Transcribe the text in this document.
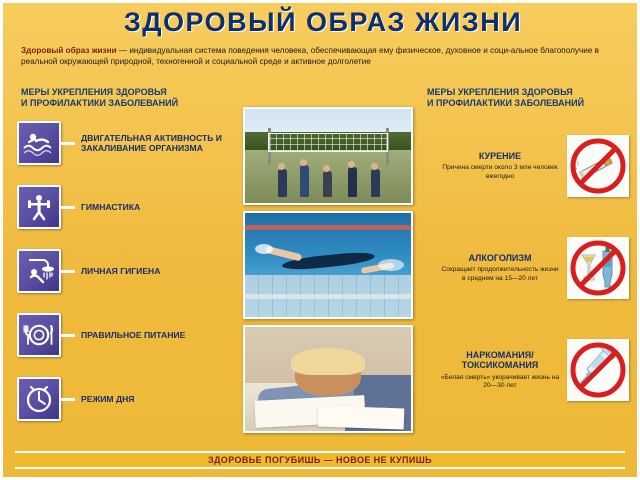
ЗДОРОВЫЙ ОБРАЗ ЖИЗНИ
Здоровый образ жизни — индивидуальная система поведения человека, обеспечивающая ему физическое, духовное и соци-альное благополучие в реальной окружающей природной, техногенной и социальной среде и активное долголетие
МЕРЫ УКРЕПЛЕНИЯ ЗДОРОВЬЯ
И ПРОФИЛАКТИКИ ЗАБОЛЕВАНИЙ
МЕРЫ УКРЕПЛЕНИЯ ЗДОРОВЬЯ
И ПРОФИЛАКТИКИ ЗАБОЛЕВАНИЙ
ДВИГАТЕЛЬНАЯ АКТИВНОСТЬ И ЗАКАЛИВАНИЕ ОРГАНИЗМА
ГИМНАСТИКА
ЛИЧНАЯ ГИГИЕНА
ПРАВИЛЬНОЕ ПИТАНИЕ
РЕЖИМ ДНЯ
КУРЕНИЕ
Причина смерти около 3 млн человек ежегодно
АЛКОГОЛИЗМ
Сокращает продолжительность жизни в среднем на 15—20 лет
НАРКОМАНИЯ/ТОКСИКОМАНИЯ
«Белая смерть» укорачивает жизнь на 20—30 лет
ЗДОРОВЬЕ ПОГУБИШЬ — НОВОЕ НЕ КУПИШЬ
